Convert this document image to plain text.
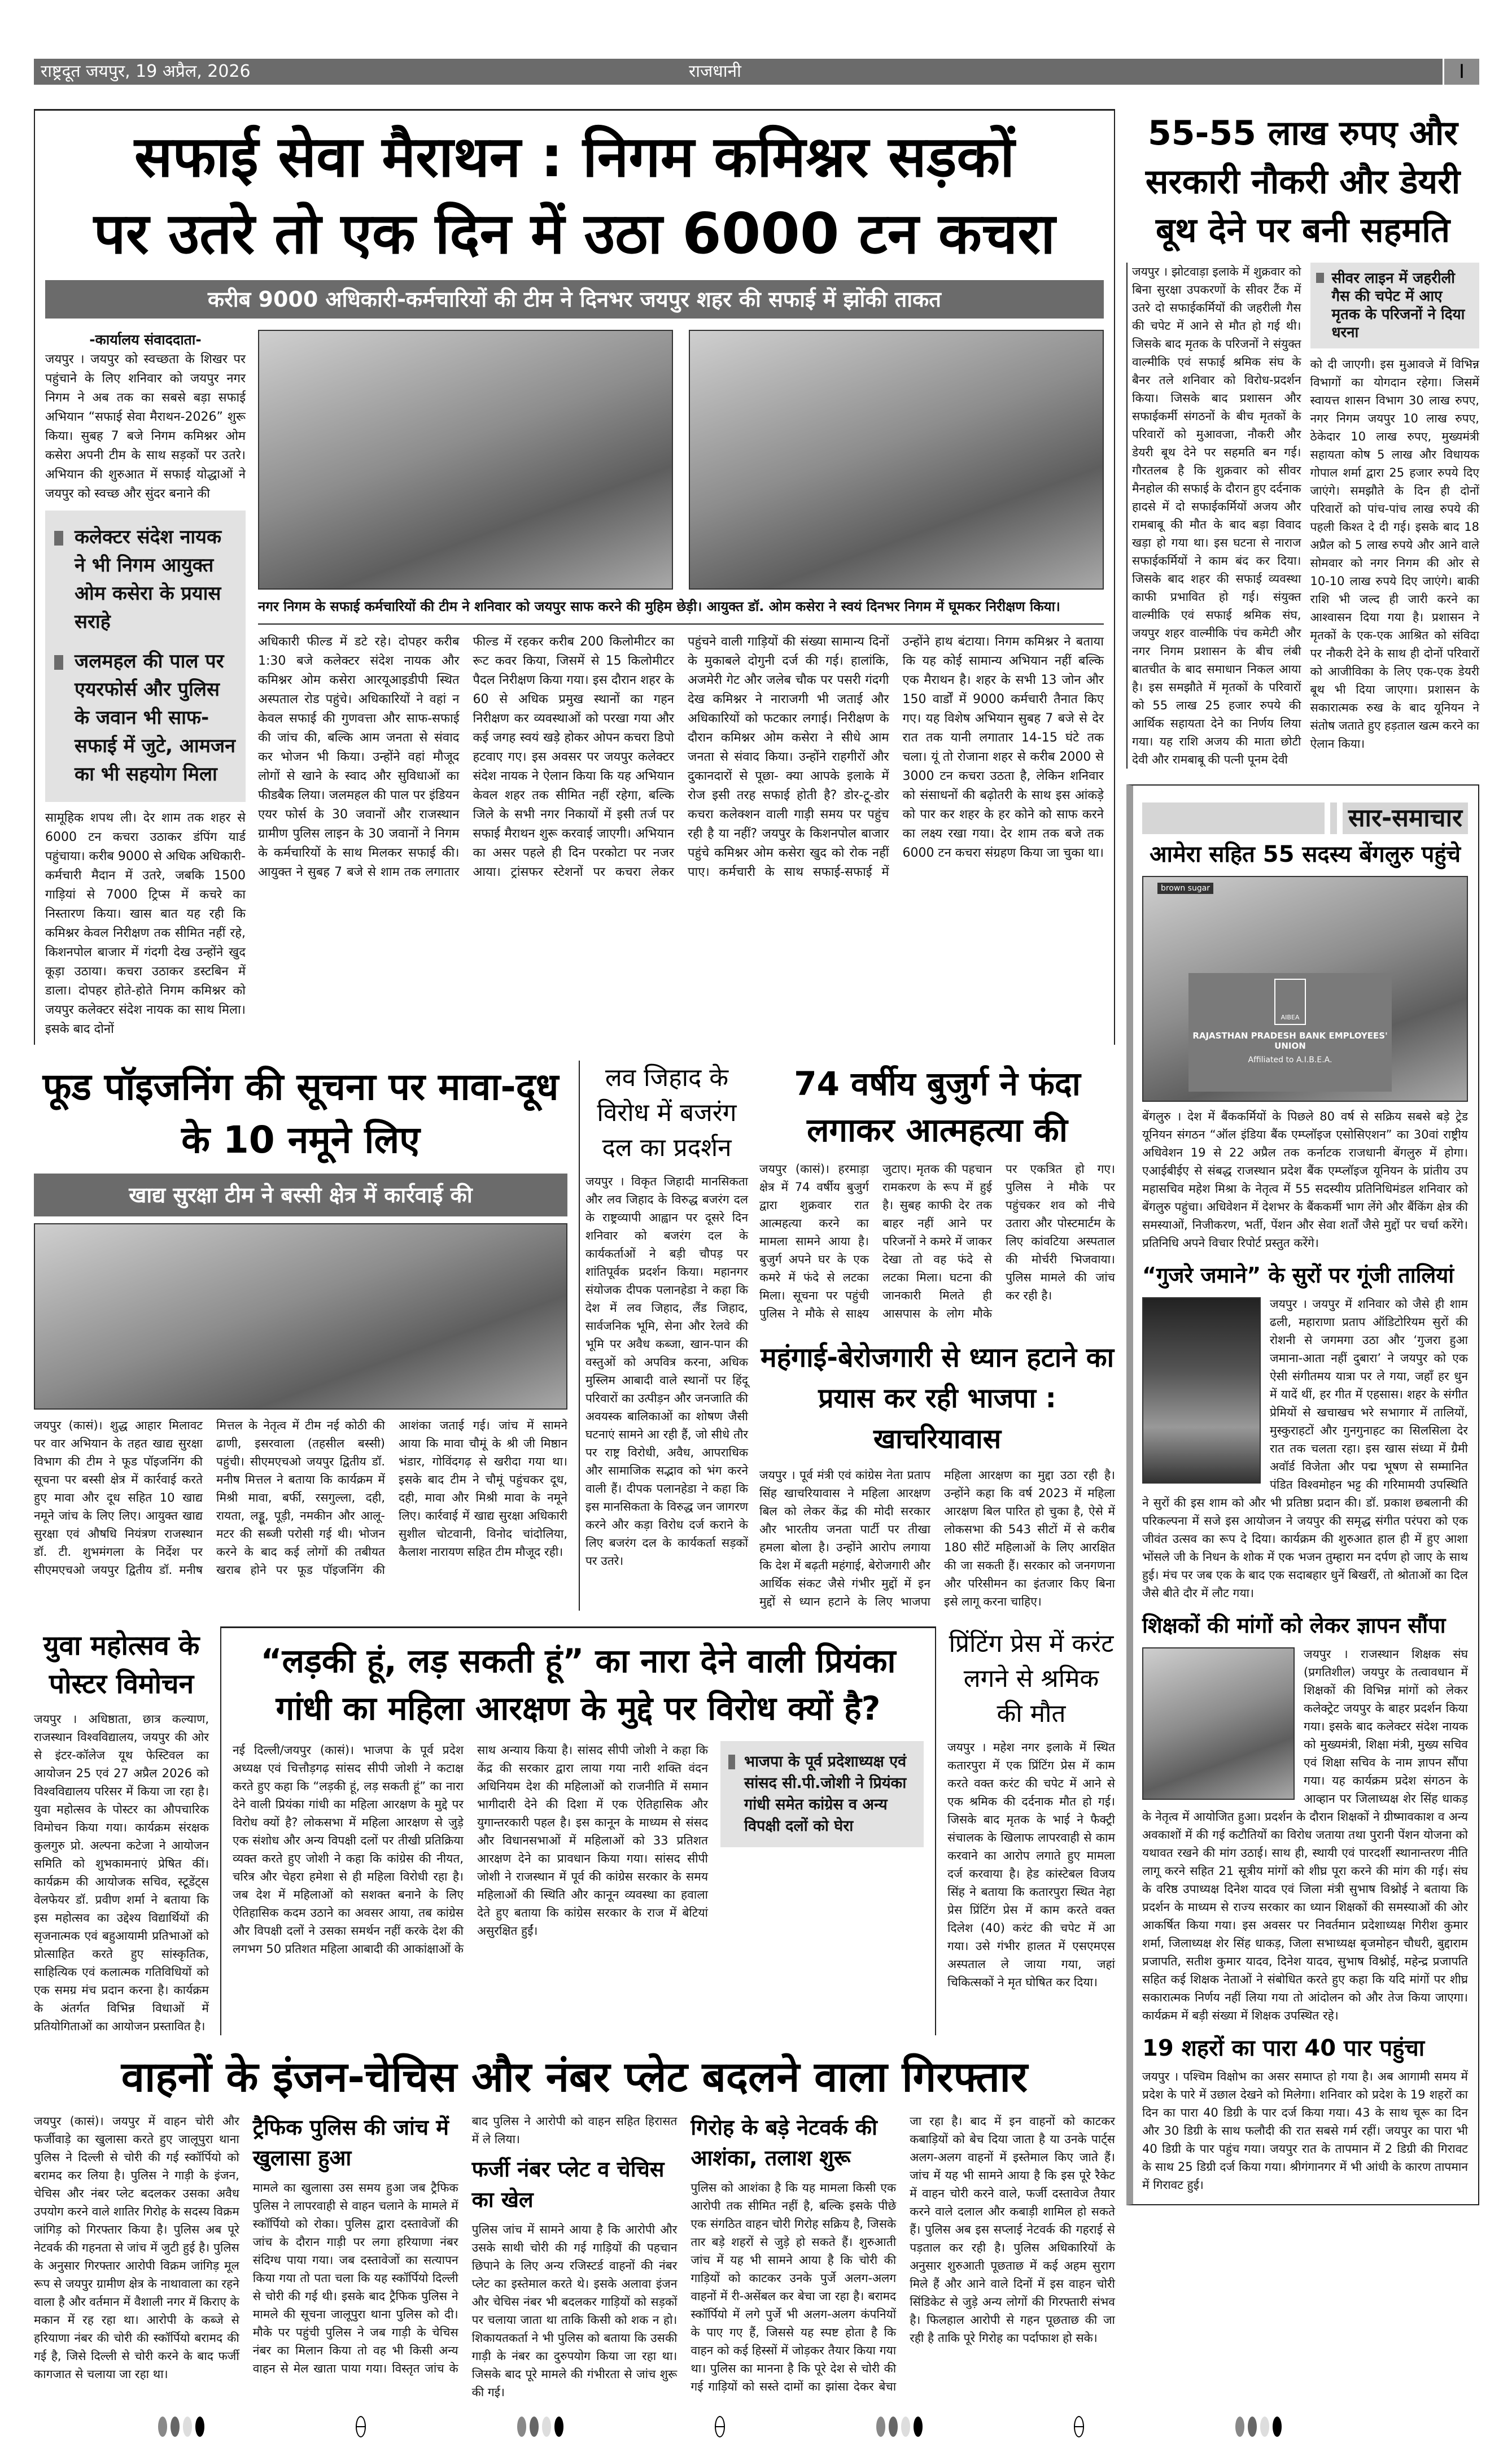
राष्ट्रदूत जयपुर, 19 अप्रैल, 2026	राजधानी	I
सफाई सेवा मैराथन : निगम कमिश्नर सड़कों
पर उतरे तो एक दिन में उठा 6000 टन कचरा
करीब 9000 अधिकारी-कर्मचारियों की टीम ने दिनभर जयपुर शहर की सफाई में झोंकी ताकत
-कार्यालय संवाददाता-
जयपुर । जयपुर को स्वच्छता के शिखर पर पहुंचाने के लिए शनिवार को जयपुर नगर निगम ने अब तक का सबसे बड़ा सफाई अभियान “सफाई सेवा मैराथन-2026” शुरू किया। सुबह 7 बजे निगम कमिश्नर ओम कसेरा अपनी टीम के साथ सड़कों पर उतरे। अभियान की शुरुआत में सफाई योद्धाओं ने जयपुर को स्वच्छ और सुंदर बनाने की
कलेक्टर संदेश नायक ने भी निगम आयुक्त ओम कसेरा के प्रयास सराहे
जलमहल की पाल पर एयरफोर्स और पुलिस के जवान भी साफ-सफाई में जुटे, आमजन का भी सहयोग मिला
सामूहिक शपथ ली। देर शाम तक शहर से 6000 टन कचरा उठाकर डंपिंग यार्ड पहुंचाया। करीब 9000 से अधिक अधिकारी-कर्मचारी मैदान में उतरे, जबकि 1500 गाड़ियां से 7000 ट्रिप्स में कचरे का निस्तारण किया। खास बात यह रही कि कमिश्नर केवल निरीक्षण तक सीमित नहीं रहे, किशनपोल बाजार में गंदगी देख उन्होंने खुद कूड़ा उठाया। कचरा उठाकर डस्टबिन में डाला। दोपहर होते-होते निगम कमिश्नर को जयपुर कलेक्टर संदेश नायक का साथ मिला। इसके बाद दोनों
नगर निगम के सफाई कर्मचारियों की टीम ने शनिवार को जयपुर साफ करने की मुहिम छेड़ी। आयुक्त डॉ. ओम कसेरा ने स्वयं दिनभर निगम में घूमकर निरीक्षण किया।
अधिकारी फील्ड में डटे रहे। दोपहर करीब 1:30 बजे कलेक्टर संदेश नायक और कमिश्नर ओम कसेरा आरयूआइडीपी स्थित अस्पताल रोड पहुंचे। अधिकारियों ने वहां न केवल सफाई की गुणवत्ता और साफ-सफाई की जांच की, बल्कि आम जनता से संवाद कर भोजन भी किया। उन्होंने वहां मौजूद लोगों से खाने के स्वाद और सुविधाओं का फीडबैक लिया। जलमहल की पाल पर इंडियन एयर फोर्स के 30 जवानों और राजस्थान ग्रामीण पुलिस लाइन के 30 जवानों ने निगम के कर्मचारियों के साथ मिलकर सफाई की। आयुक्त ने सुबह 7 बजे से शाम तक लगातार फील्ड में रहकर करीब 200 किलोमीटर का रूट कवर किया, जिसमें से 15 किलोमीटर पैदल निरीक्षण किया गया। इस दौरान शहर के 60 से अधिक प्रमुख स्थानों का गहन निरीक्षण कर व्यवस्थाओं को परखा गया और कई जगह स्वयं खड़े होकर ओपन कचरा डिपो हटवाए गए। इस अवसर पर जयपुर कलेक्टर संदेश नायक ने ऐलान किया कि यह अभियान केवल शहर तक सीमित नहीं रहेगा, बल्कि जिले के सभी नगर निकायों में इसी तर्ज पर सफाई मैराथन शुरू करवाई जाएगी। अभियान का असर पहले ही दिन परकोटा पर नजर आया। ट्रांसफर स्टेशनों पर कचरा लेकर पहुंचने वाली गाड़ियों की संख्या सामान्य दिनों के मुकाबले दोगुनी दर्ज की गई। हालांकि, अजमेरी गेट और जलेब चौक पर पसरी गंदगी देख कमिश्नर ने नाराजगी भी जताई और अधिकारियों को फटकार लगाई। निरीक्षण के दौरान कमिश्नर ओम कसेरा ने सीधे आम जनता से संवाद किया। उन्होंने राहगीरों और दुकानदारों से पूछा- क्या आपके इलाके में रोज इसी तरह सफाई होती है? डोर-टू-डोर कचरा कलेक्शन वाली गाड़ी समय पर पहुंच रही है या नहीं? जयपुर के किशनपोल बाजार पहुंचे कमिश्नर ओम कसेरा खुद को रोक नहीं पाए। कर्मचारी के साथ सफाई-सफाई में उन्होंने हाथ बंटाया। निगम कमिश्नर ने बताया कि यह कोई सामान्य अभियान नहीं बल्कि एक मैराथन है। शहर के सभी 13 जोन और 150 वार्डों में 9000 कर्मचारी तैनात किए गए। यह विशेष अभियान सुबह 7 बजे से देर रात तक यानी लगातार 14-15 घंटे तक चला। यूं तो रोजाना शहर से करीब 2000 से 3000 टन कचरा उठता है, लेकिन शनिवार को संसाधनों की बढ़ोतरी के साथ इस आंकड़े को पार कर शहर के हर कोने को साफ करने का लक्ष्य रखा गया। देर शाम तक बजे तक 6000 टन कचरा संग्रहण किया जा चुका था।
फूड पॉइजनिंग की सूचना पर मावा-दूध के 10 नमूने लिए
खाद्य सुरक्षा टीम ने बस्सी क्षेत्र में कार्रवाई की
जयपुर (कासं)। शुद्ध आहार मिलावट पर वार अभियान के तहत खाद्य सुरक्षा विभाग की टीम ने फूड पॉइजनिंग की सूचना पर बस्सी क्षेत्र में कार्रवाई करते हुए मावा और दूध सहित 10 खाद्य नमूने जांच के लिए लिए। आयुक्त खाद्य सुरक्षा एवं औषधि नियंत्रण राजस्थान डॉ. टी. शुभमंगला के निर्देश पर सीएमएचओ जयपुर द्वितीय डॉ. मनीष मित्तल के नेतृत्व में टीम नई कोठी की ढाणी, इसरवाला (तहसील बस्सी) पहुंची। सीएमएचओ जयपुर द्वितीय डॉ. मनीष मित्तल ने बताया कि कार्यक्रम में मिश्री मावा, बर्फी, रसगुल्ला, दही, रायता, लड्डू, पूड़ी, नमकीन और आलू-मटर की सब्जी परोसी गई थी। भोजन करने के बाद कई लोगों की तबीयत खराब होने पर फूड पॉइजनिंग की आशंका जताई गई। जांच में सामने आया कि मावा चौमूं के श्री जी मिष्ठान भंडार, गोविंदगढ़ से खरीदा गया था। इसके बाद टीम ने चौमूं पहुंचकर दूध, दही, मावा और मिश्री मावा के नमूने लिए। कार्रवाई में खाद्य सुरक्षा अधिकारी सुशील चोटवानी, विनोद चांदोलिया, कैलाश नारायण सहित टीम मौजूद रही।
लव जिहाद के विरोध में बजरंग दल का प्रदर्शन
जयपुर । विकृत जिहादी मानसिकता और लव जिहाद के विरुद्ध बजरंग दल के राष्ट्रव्यापी आह्वान पर दूसरे दिन शनिवार को बजरंग दल के कार्यकर्ताओं ने बड़ी चौपड़ पर शांतिपूर्वक प्रदर्शन किया। महानगर संयोजक दीपक पलानहेडा ने कहा कि देश में लव जिहाद, लैंड जिहाद, सार्वजनिक भूमि, सेना और रेलवे की भूमि पर अवैध कब्जा, खान-पान की वस्तुओं को अपवित्र करना, अधिक मुस्लिम आबादी वाले स्थानों पर हिंदू परिवारों का उत्पीड़न और जनजाति की अवयस्क बालिकाओं का शोषण जैसी घटनाएं सामने आ रही हैं, जो सीधे तौर पर राष्ट्र विरोधी, अवैध, आपराधिक और सामाजिक सद्भाव को भंग करने वाली हैं। दीपक पलानहेडा ने कहा कि इस मानसिकता के विरुद्ध जन जागरण करने और कड़ा विरोध दर्ज कराने के लिए बजरंग दल के कार्यकर्ता सड़कों पर उतरे।
74 वर्षीय बुजुर्ग ने फंदा लगाकर आत्महत्या की
जयपुर (कासं)। हरमाड़ा क्षेत्र में 74 वर्षीय बुजुर्ग द्वारा शुक्रवार रात आत्महत्या करने का मामला सामने आया है। बुजुर्ग अपने घर के एक कमरे में फंदे से लटका मिला। सूचना पर पहुंची पुलिस ने मौके से साक्ष्य जुटाए। मृतक की पहचान रामकरण के रूप में हुई है। सुबह काफी देर तक बाहर नहीं आने पर परिजनों ने कमरे में जाकर देखा तो वह फंदे से लटका मिला। घटना की जानकारी मिलते ही आसपास के लोग मौके पर एकत्रित हो गए। पुलिस ने मौके पर पहुंचकर शव को नीचे उतारा और पोस्टमार्टम के लिए कांवटिया अस्पताल की मोर्चरी भिजवाया। पुलिस मामले की जांच कर रही है।
महंगाई-बेरोजगारी से ध्यान हटाने का प्रयास कर रही भाजपा : खाचरियावास
जयपुर । पूर्व मंत्री एवं कांग्रेस नेता प्रताप सिंह खाचरियावास ने महिला आरक्षण बिल को लेकर केंद्र की मोदी सरकार और भारतीय जनता पार्टी पर तीखा हमला बोला है। उन्होंने आरोप लगाया कि देश में बढ़ती महंगाई, बेरोजगारी और आर्थिक संकट जैसे गंभीर मुद्दों में इन मुद्दों से ध्यान हटाने के लिए भाजपा महिला आरक्षण का मुद्दा उठा रही है। उन्होंने कहा कि वर्ष 2023 में महिला आरक्षण बिल पारित हो चुका है, ऐसे में लोकसभा की 543 सीटों में से करीब 180 सीटें महिलाओं के लिए आरक्षित की जा सकती हैं। सरकार को जनगणना और परिसीमन का इंतजार किए बिना इसे लागू करना चाहिए।
युवा महोत्सव के पोस्टर विमोचन
जयपुर । अधिष्ठाता, छात्र कल्याण, राजस्थान विश्वविद्यालय, जयपुर की ओर से इंटर-कॉलेज यूथ फेस्टिवल का आयोजन 25 एवं 27 अप्रैल 2026 को विश्वविद्यालय परिसर में किया जा रहा है। युवा महोत्सव के पोस्टर का औपचारिक विमोचन किया गया। कार्यक्रम संरक्षक कुलगुरु प्रो. अल्पना कटेजा ने आयोजन समिति को शुभकामनाएं प्रेषित कीं। कार्यक्रम की आयोजक सचिव, स्टूडेंट्स वेलफेयर डॉ. प्रवीण शर्मा ने बताया कि इस महोत्सव का उद्देश्य विद्यार्थियों की सृजनात्मक एवं बहुआयामी प्रतिभाओं को प्रोत्साहित करते हुए सांस्कृतिक, साहित्यिक एवं कलात्मक गतिविधियों को एक समग्र मंच प्रदान करना है। कार्यक्रम के अंतर्गत विभिन्न विधाओं में प्रतियोगिताओं का आयोजन प्रस्तावित है।
“लड़की हूं, लड़ सकती हूं” का नारा देने वाली प्रियंका गांधी का महिला आरक्षण के मुद्दे पर विरोध क्यों है?
नई दिल्ली/जयपुर (कासं)। भाजपा के पूर्व प्रदेश अध्यक्ष एवं चित्तौड़गढ़ सांसद सीपी जोशी ने कटाक्ष करते हुए कहा कि “लड़की हूं, लड़ सकती हूं” का नारा देने वाली प्रियंका गांधी का महिला आरक्षण के मुद्दे पर विरोध क्यों है? लोकसभा में महिला आरक्षण से जुड़े एक संशोध और अन्य विपक्षी दलों पर तीखी प्रतिक्रिया व्यक्त करते हुए जोशी ने कहा कि कांग्रेस की नीयत, चरित्र और चेहरा हमेशा से ही महिला विरोधी रहा है। जब देश में महिलाओं को सशक्त बनाने के लिए ऐतिहासिक कदम उठाने का अवसर आया, तब कांग्रेस और विपक्षी दलों ने उसका समर्थन नहीं करके देश की लगभग 50 प्रतिशत महिला आबादी की आकांक्षाओं के साथ अन्याय किया है। सांसद सीपी जोशी ने कहा कि केंद्र की सरकार द्वारा लाया गया नारी शक्ति वंदन अधिनियम देश की महिलाओं को राजनीति में समान भागीदारी देने की दिशा में एक ऐतिहासिक और युगान्तरकारी पहल है। इस कानून के माध्यम से संसद और विधानसभाओं में महिलाओं को 33 प्रतिशत आरक्षण देने का प्रावधान किया गया। सांसद सीपी जोशी ने राजस्थान में पूर्व की कांग्रेस सरकार के समय महिलाओं की स्थिति और कानून व्यवस्था का हवाला देते हुए बताया कि कांग्रेस सरकार के राज में बेटियां असुरक्षित हुईं।
भाजपा के पूर्व प्रदेशाध्यक्ष एवं सांसद सी.पी.जोशी ने प्रियंका गांधी समेत कांग्रेस व अन्य विपक्षी दलों को घेरा
प्रिंटिंग प्रेस में करंट लगने से श्रमिक की मौत
जयपुर । महेश नगर इलाके में स्थित कतारपुरा में एक प्रिंटिंग प्रेस में काम करते वक्त करंट की चपेट में आने से एक श्रमिक की दर्दनाक मौत हो गई। जिसके बाद मृतक के भाई ने फैक्ट्री संचालक के खिलाफ लापरवाही से काम करवाने का आरोप लगाते हुए मामला दर्ज करवाया है। हेड कांस्टेबल विजय सिंह ने बताया कि कतारपुरा स्थित नेहा प्रेस प्रिंटिंग प्रेस में काम करते वक्त दिलेश (40) करंट की चपेट में आ गया। उसे गंभीर हालत में एसएमएस अस्पताल ले जाया गया, जहां चिकित्सकों ने मृत घोषित कर दिया।
वाहनों के इंजन-चेचिस और नंबर प्लेट बदलने वाला गिरफ्तार
जयपुर (कासं)। जयपुर में वाहन चोरी और फर्जीवाड़े का खुलासा करते हुए जालूपुरा थाना पुलिस ने दिल्ली से चोरी की गई स्कॉर्पियो को बरामद कर लिया है। पुलिस ने गाड़ी के इंजन, चेचिस और नंबर प्लेट बदलकर उसका अवैध उपयोग करने वाले शातिर गिरोह के सदस्य विक्रम जांगिड़ को गिरफ्तार किया है। पुलिस अब पूरे नेटवर्क की गहनता से जांच में जुटी हुई है। पुलिस के अनुसार गिरफ्तार आरोपी विक्रम जांगिड़ मूल रूप से जयपुर ग्रामीण क्षेत्र के नाथावाला का रहने वाला है और वर्तमान में वैशाली नगर में किराए के मकान में रह रहा था। आरोपी के कब्जे से हरियाणा नंबर की चोरी की स्कॉर्पियो बरामद की गई है, जिसे दिल्ली से चोरी करने के बाद फर्जी कागजात से चलाया जा रहा था।
ट्रैफिक पुलिस की जांच में खुलासा हुआ
मामले का खुलासा उस समय हुआ जब ट्रैफिक पुलिस ने लापरवाही से वाहन चलाने के मामले में स्कॉर्पियो को रोका। पुलिस द्वारा दस्तावेजों की जांच के दौरान गाड़ी पर लगा हरियाणा नंबर संदिग्ध पाया गया। जब दस्तावेजों का सत्यापन किया गया तो पता चला कि यह स्कॉर्पियो दिल्ली से चोरी की गई थी। इसके बाद ट्रैफिक पुलिस ने मामले की सूचना जालूपुरा थाना पुलिस को दी। मौके पर पहुंची पुलिस ने जब गाड़ी के चेचिस नंबर का मिलान किया तो वह भी किसी अन्य वाहन से मेल खाता पाया गया। विस्तृत जांच के बाद पुलिस ने आरोपी को वाहन सहित हिरासत में ले लिया।
फर्जी नंबर प्लेट व चेचिस का खेल
पुलिस जांच में सामने आया है कि आरोपी और उसके साथी चोरी की गई गाड़ियों की पहचान छिपाने के लिए अन्य रजिस्टर्ड वाहनों की नंबर प्लेट का इस्तेमाल करते थे। इसके अलावा इंजन और चेचिस नंबर भी बदलकर गाड़ियों को सड़कों पर चलाया जाता था ताकि किसी को शक न हो। शिकायतकर्ता ने भी पुलिस को बताया कि उसकी गाड़ी के नंबर का दुरुपयोग किया जा रहा था। जिसके बाद पूरे मामले की गंभीरता से जांच शुरू की गई।
गिरोह के बड़े नेटवर्क की आशंका, तलाश शुरू
पुलिस को आशंका है कि यह मामला किसी एक आरोपी तक सीमित नहीं है, बल्कि इसके पीछे एक संगठित वाहन चोरी गिरोह सक्रिय है, जिसके तार बड़े शहरों से जुड़े हो सकते हैं। शुरुआती जांच में यह भी सामने आया है कि चोरी की गाड़ियों को काटकर उनके पुर्जे अलग-अलग वाहनों में री-असेंबल कर बेचा जा रहा है। बरामद स्कॉर्पियो में लगे पुर्जे भी अलग-अलग कंपनियों के पाए गए हैं, जिससे यह स्पष्ट होता है कि वाहन को कई हिस्सों में जोड़कर तैयार किया गया था। पुलिस का मानना है कि पूरे देश से चोरी की गई गाड़ियों को सस्ते दामों का झांसा देकर बेचा जा रहा है। बाद में इन वाहनों को काटकर कबाड़ियों को बेच दिया जाता है या उनके पार्ट्स अलग-अलग वाहनों में इस्तेमाल किए जाते हैं। जांच में यह भी सामने आया है कि इस पूरे रैकेट में वाहन चोरी करने वाले, फर्जी दस्तावेज तैयार करने वाले दलाल और कबाड़ी शामिल हो सकते हैं। पुलिस अब इस सप्लाई नेटवर्क की गहराई से पड़ताल कर रही है। पुलिस अधिकारियों के अनुसार शुरुआती पूछताछ में कई अहम सुराग मिले हैं और आने वाले दिनों में इस वाहन चोरी सिंडिकेट से जुड़े अन्य लोगों की गिरफ्तारी संभव है। फिलहाल आरोपी से गहन पूछताछ की जा रही है ताकि पूरे गिरोह का पर्दाफाश हो सके।
55-55 लाख रुपए और सरकारी नौकरी और डेयरी बूथ देने पर बनी सहमति
जयपुर । झोटवाड़ा इलाके में शुक्रवार को बिना सुरक्षा उपकरणों के सीवर टैंक में उतरे दो सफाईकर्मियों की जहरीली गैस की चपेट में आने से मौत हो गई थी। जिसके बाद मृतक के परिजनों ने संयुक्त वाल्मीकि एवं सफाई श्रमिक संघ के बैनर तले शनिवार को विरोध-प्रदर्शन किया। जिसके बाद प्रशासन और सफाईकर्मी संगठनों के बीच मृतकों के परिवारों को मुआवजा, नौकरी और डेयरी बूथ देने पर सहमति बन गई। गौरतलब है कि शुक्रवार को सीवर मैनहोल की सफाई के दौरान हुए दर्दनाक हादसे में दो सफाईकर्मियों अजय और रामबाबू की मौत के बाद बड़ा विवाद खड़ा हो गया था। इस घटना से नाराज सफाईकर्मियों ने काम बंद कर दिया। जिसके बाद शहर की सफाई व्यवस्था काफी प्रभावित हो गई। संयुक्त वाल्मीकि एवं सफाई श्रमिक संघ, जयपुर शहर वाल्मीकि पंच कमेटी और नगर निगम प्रशासन के बीच लंबी बातचीत के बाद समाधान निकल आया है। इस समझौते में मृतकों के परिवारों को 55 लाख 25 हजार रुपये की आर्थिक सहायता देने का निर्णय लिया गया। यह राशि अजय की माता छोटी देवी और रामबाबू की पत्नी पूनम देवी
सीवर लाइन में जहरीली गैस की चपेट में आए मृतक के परिजनों ने दिया धरना
को दी जाएगी। इस मुआवजे में विभिन्न विभागों का योगदान रहेगा। जिसमें स्वायत्त शासन विभाग 30 लाख रुपए, नगर निगम जयपुर 10 लाख रुपए, ठेकेदार 10 लाख रुपए, मुख्यमंत्री सहायता कोष 5 लाख और विधायक गोपाल शर्मा द्वारा 25 हजार रुपये दिए जाएंगे। समझौते के दिन ही दोनों परिवारों को पांच-पांच लाख रुपये की पहली किश्त दे दी गई। इसके बाद 18 अप्रैल को 5 लाख रुपये और आने वाले सोमवार को नगर निगम की ओर से 10-10 लाख रुपये दिए जाएंगे। बाकी राशि भी जल्द ही जारी करने का आश्वासन दिया गया है। प्रशासन ने मृतकों के एक-एक आश्रित को संविदा पर नौकरी देने के साथ ही दोनों परिवारों को आजीविका के लिए एक-एक डेयरी बूथ भी दिया जाएगा। प्रशासन के सकारात्मक रुख के बाद यूनियन ने संतोष जताते हुए हड़ताल खत्म करने का ऐलान किया।
सार-समाचार
आमेरा सहित 55 सदस्य बेंगलुरु पहुंचे
brown sugar
AIBEA
RAJASTHAN PRADESH BANK EMPLOYEES' UNION
Affiliated to A.I.B.E.A.
बेंगलुरु । देश में बैंककर्मियों के पिछले 80 वर्ष से सक्रिय सबसे बड़े ट्रेड यूनियन संगठन “ऑल इंडिया बैंक एम्प्लॉइज एसोसिएशन” का 30वां राष्ट्रीय अधिवेशन 19 से 22 अप्रैल तक कर्नाटक राजधानी बेंगलुरु में होगा। एआईबीईए से संबद्ध राजस्थान प्रदेश बैंक एम्प्लॉइज यूनियन के प्रांतीय उप महासचिव महेश मिश्रा के नेतृत्व में 55 सदस्यीय प्रतिनिधिमंडल शनिवार को बेंगलुरु पहुंचा। अधिवेशन में देशभर के बैंककर्मी भाग लेंगे और बैंकिंग क्षेत्र की समस्याओं, निजीकरण, भर्ती, पेंशन और सेवा शर्तों जैसे मुद्दों पर चर्चा करेंगे। प्रतिनिधि अपने विचार रिपोर्ट प्रस्तुत करेंगे।
“गुजरे जमाने” के सुरों पर गूंजी तालियां
जयपुर । जयपुर में शनिवार को जैसे ही शाम ढली, महाराणा प्रताप ऑडिटोरियम सुरों की रोशनी से जगमगा उठा और ‘गुजरा हुआ जमाना-आता नहीं दुबारा’ ने जयपुर को एक ऐसी संगीतमय यात्रा पर ले गया, जहाँ हर धुन में यादें थीं, हर गीत में एहसास। शहर के संगीत प्रेमियों से खचाखच भरे सभागार में तालियों, मुस्कुराहटों और गुनगुनाहट का सिलसिला देर रात तक चलता रहा। इस खास संध्या में ग्रैमी अवॉर्ड विजेता और पद्म भूषण से सम्मानित पंडित विश्वमोहन भट्ट की गरिमामयी उपस्थिति ने सुरों की इस शाम को और भी प्रतिष्ठा प्रदान की। डॉ. प्रकाश छबलानी की परिकल्पना में सजे इस आयोजन ने जयपुर की समृद्ध संगीत परंपरा को एक जीवंत उत्सव का रूप दे दिया। कार्यक्रम की शुरुआत हाल ही में हुए आशा भोंसले जी के निधन के शोक में एक भजन तुम्हारा मन दर्पण हो जाए के साथ हुई। मंच पर जब एक के बाद एक सदाबहार धुनें बिखरीं, तो श्रोताओं का दिल जैसे बीते दौर में लौट गया।
शिक्षकों की मांगों को लेकर ज्ञापन सौंपा
जयपुर । राजस्थान शिक्षक संघ (प्रगतिशील) जयपुर के तत्वावधान में शिक्षकों की विभिन्न मांगों को लेकर कलेक्ट्रेट जयपुर के बाहर प्रदर्शन किया गया। इसके बाद कलेक्टर संदेश नायक को मुख्यमंत्री, शिक्षा मंत्री, मुख्य सचिव एवं शिक्षा सचिव के नाम ज्ञापन सौंपा गया। यह कार्यक्रम प्रदेश संगठन के आव्हान पर जिलाध्यक्ष शेर सिंह धाकड़ के नेतृत्व में आयोजित हुआ। प्रदर्शन के दौरान शिक्षकों ने ग्रीष्मावकाश व अन्य अवकाशों में की गई कटौतियों का विरोध जताया तथा पुरानी पेंशन योजना को यथावत रखने की मांग उठाई। साथ ही, स्थायी एवं पारदर्शी स्थानान्तरण नीति लागू करने सहित 21 सूत्रीय मांगों को शीघ्र पूरा करने की मांग की गई। संघ के वरिष्ठ उपाध्यक्ष दिनेश यादव एवं जिला मंत्री सुभाष विश्नोई ने बताया कि प्रदर्शन के माध्यम से राज्य सरकार का ध्यान शिक्षकों की समस्याओं की ओर आकर्षित किया गया। इस अवसर पर निवर्तमान प्रदेशाध्यक्ष गिरीश कुमार शर्मा, जिलाध्यक्ष शेर सिंह धाकड़, जिला सभाध्यक्ष बृजमोहन चौधरी, बुद्दाराम प्रजापति, सतीश कुमार यादव, दिनेश यादव, सुभाष विश्नोई, महेन्द्र प्रजापति सहित कई शिक्षक नेताओं ने संबोधित करते हुए कहा कि यदि मांगों पर शीघ्र सकारात्मक निर्णय नहीं लिया गया तो आंदोलन को और तेज किया जाएगा। कार्यक्रम में बड़ी संख्या में शिक्षक उपस्थित रहे।
19 शहरों का पारा 40 पार पहुंचा
जयपुर । पश्चिम विक्षोभ का असर समाप्त हो गया है। अब आगामी समय में प्रदेश के पारे में उछाल देखने को मिलेगा। शनिवार को प्रदेश के 19 शहरों का दिन का पारा 40 डिग्री के पार दर्ज किया गया। 43 के साथ चूरू का दिन और 30 डिग्री के साथ फलौदी की रात सबसे गर्म रहीं। जयपुर का पारा भी 40 डिग्री के पार पहुंच गया। जयपुर रात के तापमान में 2 डिग्री की गिरावट के साथ 25 डिग्री दर्ज किया गया। श्रीगंगानगर में भी आंधी के कारण तापमान में गिरावट हुई।
